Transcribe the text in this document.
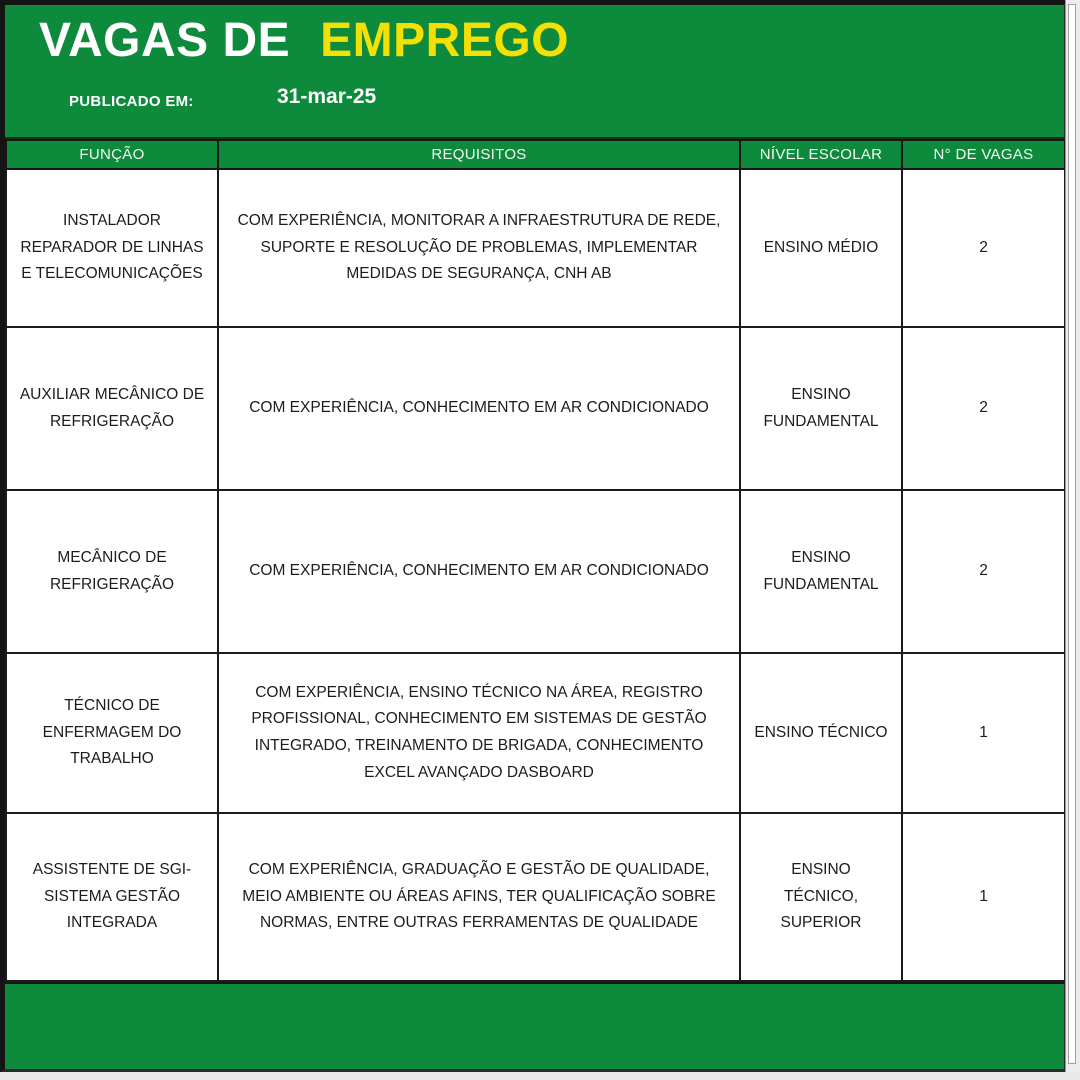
VAGAS DE EMPREGO
PUBLICADO EM:	31-mar-25
FUNÇÃO	REQUISITOS	NÍVEL ESCOLAR	N° DE VAGAS
INSTALADOR REPARADOR DE LINHAS E TELECOMUNICAÇÕES	COM EXPERIÊNCIA, MONITORAR A INFRAESTRUTURA DE REDE, SUPORTE E RESOLUÇÃO DE PROBLEMAS, IMPLEMENTAR MEDIDAS DE SEGURANÇA, CNH AB	ENSINO MÉDIO	2
AUXILIAR MECÂNICO DE REFRIGERAÇÃO	COM EXPERIÊNCIA, CONHECIMENTO EM AR CONDICIONADO	ENSINO FUNDAMENTAL	2
MECÂNICO DE REFRIGERAÇÃO	COM EXPERIÊNCIA, CONHECIMENTO EM AR CONDICIONADO	ENSINO FUNDAMENTAL	2
TÉCNICO DE ENFERMAGEM DO TRABALHO	COM EXPERIÊNCIA, ENSINO TÉCNICO NA ÁREA, REGISTRO PROFISSIONAL, CONHECIMENTO EM SISTEMAS DE GESTÃO INTEGRADO, TREINAMENTO DE BRIGADA, CONHECIMENTO EXCEL AVANÇADO DASBOARD	ENSINO TÉCNICO	1
ASSISTENTE DE SGI-SISTEMA GESTÃO INTEGRADA	COM EXPERIÊNCIA, GRADUAÇÃO E GESTÃO DE QUALIDADE, MEIO AMBIENTE OU ÁREAS AFINS, TER QUALIFICAÇÃO SOBRE NORMAS, ENTRE OUTRAS FERRAMENTAS DE QUALIDADE	ENSINO TÉCNICO, SUPERIOR	1
